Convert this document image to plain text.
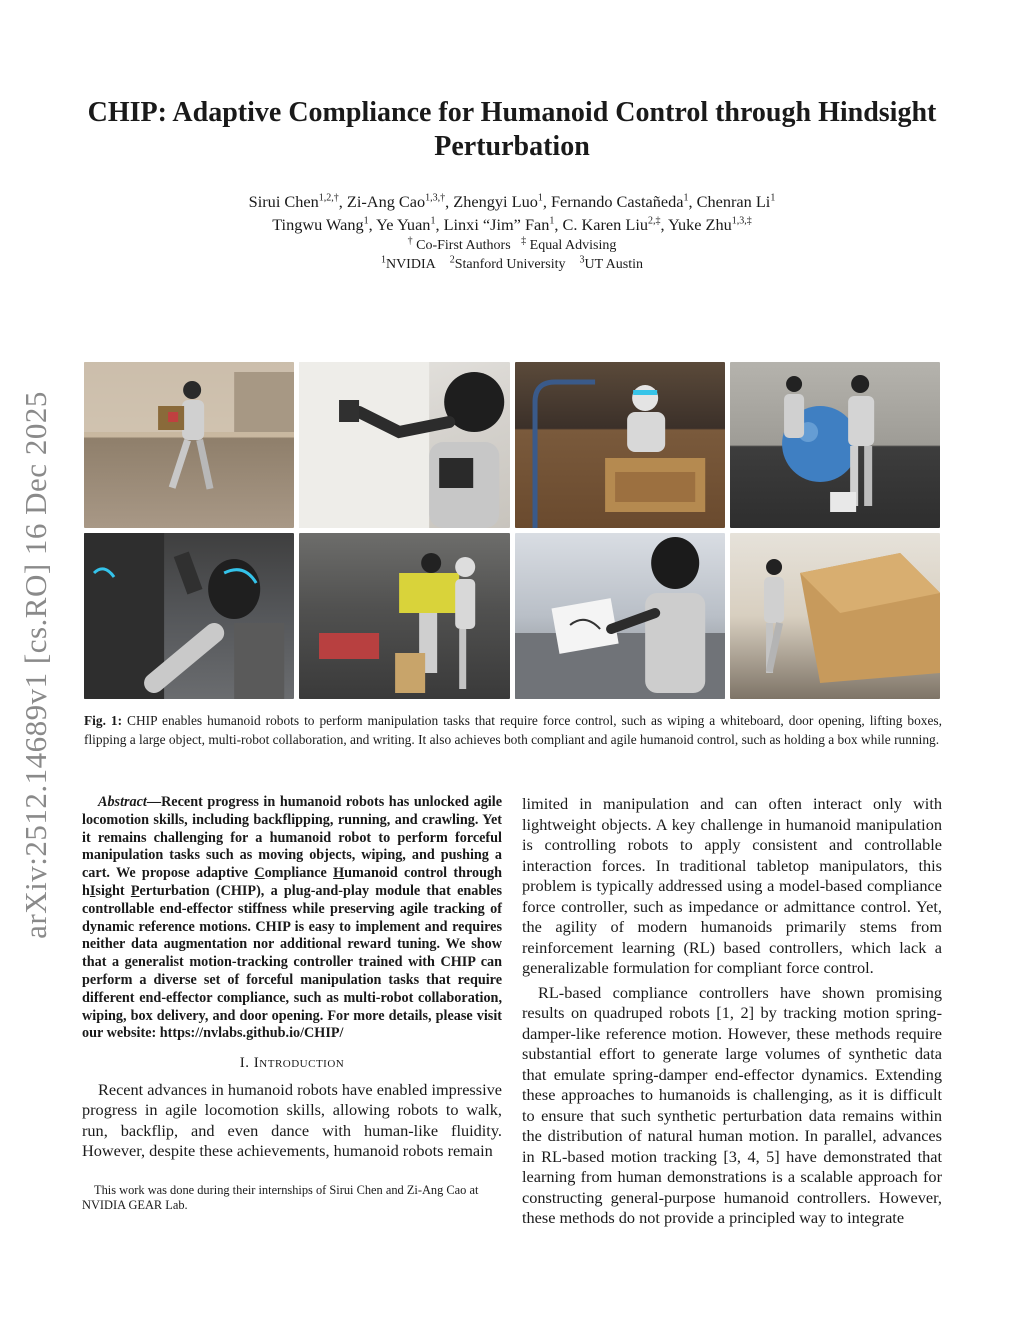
arXiv:2512.14689v1 [cs.RO] 16 Dec 2025
CHIP: Adaptive Compliance for Humanoid Control through Hindsight Perturbation
Sirui Chen$^{1,2,\dagger}$, Zi-Ang Cao$^{1,3,\dagger}$, Zhengyi Luo$^1$, Fernando Castañeda$^1$, Chenran Li$^1$
Tingwu Wang$^1$, Ye Yuan$^1$, Linxi “Jim” Fan$^1$, C. Karen Liu$^{2,\ddagger}$, Yuke Zhu$^{1,3,\ddagger}$
† Co-First Authors ‡ Equal Advising
$^1$NVIDIA $^2$Stanford University $^3$UT Austin
Fig. 1: CHIP enables humanoid robots to perform manipulation tasks that require force control, such as wiping a whiteboard, door opening, lifting boxes, flipping a large object, multi-robot collaboration, and writing. It also achieves both compliant and agile humanoid control, such as holding a box while running.

Abstract—Recent progress in humanoid robots has unlocked agile locomotion skills, including backflipping, running, and crawling. Yet it remains challenging for a humanoid robot to perform forceful manipulation tasks such as moving objects, wiping, and pushing a cart. We propose adaptive Compliance Humanoid control through hIsight Perturbation (CHIP), a plug-and-play module that enables controllable end-effector stiffness while preserving agile tracking of dynamic reference motions. CHIP is easy to implement and requires neither data augmentation nor additional reward tuning. We show that a generalist motion-tracking controller trained with CHIP can perform a diverse set of forceful manipulation tasks that require different end-effector compliance, such as multi-robot collaboration, wiping, box delivery, and door opening. For more details, please visit our website: https://nvlabs.github.io/CHIP/

I. Introduction

Recent advances in humanoid robots have enabled impressive progress in agile locomotion skills, allowing robots to walk, run, backflip, and even dance with human-like fluidity. However, despite these achievements, humanoid robots remain

This work was done during their internships of Sirui Chen and Zi-Ang Cao at NVIDIA GEAR Lab.

limited in manipulation and can often interact only with lightweight objects. A key challenge in humanoid manipulation is controlling robots to apply consistent and controllable interaction forces. In traditional tabletop manipulators, this problem is typically addressed using a model-based compliance force controller, such as impedance or admittance control. Yet, the agility of modern humanoids primarily stems from reinforcement learning (RL) based controllers, which lack a generalizable formulation for compliant force control.

RL-based compliance controllers have shown promising results on quadruped robots [1, 2] by tracking motion spring-damper-like reference motion. However, these methods require substantial effort to generate large volumes of synthetic data that emulate spring-damper end-effector dynamics. Extending these approaches to humanoids is challenging, as it is difficult to ensure that such synthetic perturbation data remains within the distribution of natural human motion. In parallel, advances in RL-based motion tracking [3, 4, 5] have demonstrated that learning from human demonstrations is a scalable approach for constructing general-purpose humanoid controllers. However, these methods do not provide a principled way to integrate
